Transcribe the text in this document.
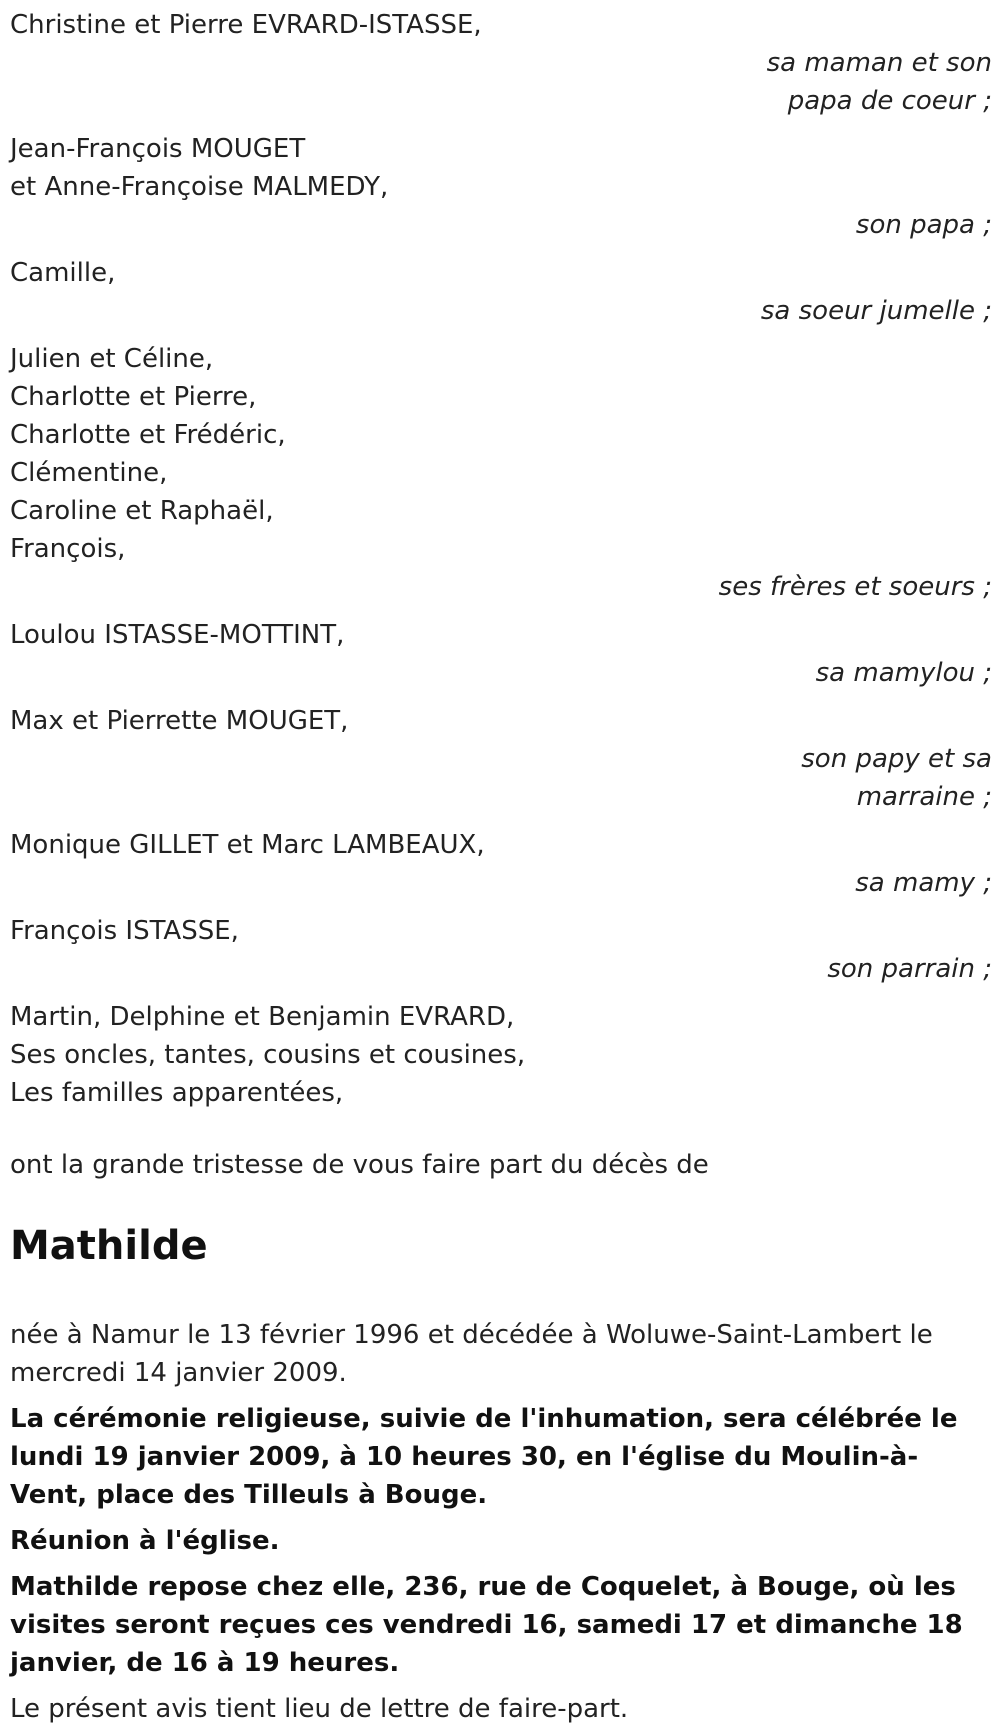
Christine et Pierre EVRARD-ISTASSE,
sa maman et son papa de coeur ;
Jean-François MOUGET
et Anne-Françoise MALMEDY,
son papa ;
Camille,
sa soeur jumelle ;
Julien et Céline,
Charlotte et Pierre,
Charlotte et Frédéric,
Clémentine,
Caroline et Raphaël,
François,
ses frères et soeurs ;
Loulou ISTASSE-MOTTINT,
sa mamylou ;
Max et Pierrette MOUGET,
son papy et sa marraine ;
Monique GILLET et Marc LAMBEAUX,
sa mamy ;
François ISTASSE,
son parrain ;
Martin, Delphine et Benjamin EVRARD,
Ses oncles, tantes, cousins et cousines,
Les familles apparentées,
ont la grande tristesse de vous faire part du décès de
Mathilde
née à Namur le 13 février 1996 et décédée à Woluwe-Saint-Lambert le mercredi 14 janvier 2009.
La cérémonie religieuse, suivie de l'inhumation, sera célébrée le lundi 19 janvier 2009, à 10 heures 30, en l'église du Moulin-à-Vent, place des Tilleuls à Bouge.
Réunion à l'église.
Mathilde repose chez elle, 236, rue de Coquelet, à Bouge, où les visites seront reçues ces vendredi 16, samedi 17 et dimanche 18 janvier, de 16 à 19 heures.
Le présent avis tient lieu de lettre de faire-part.
